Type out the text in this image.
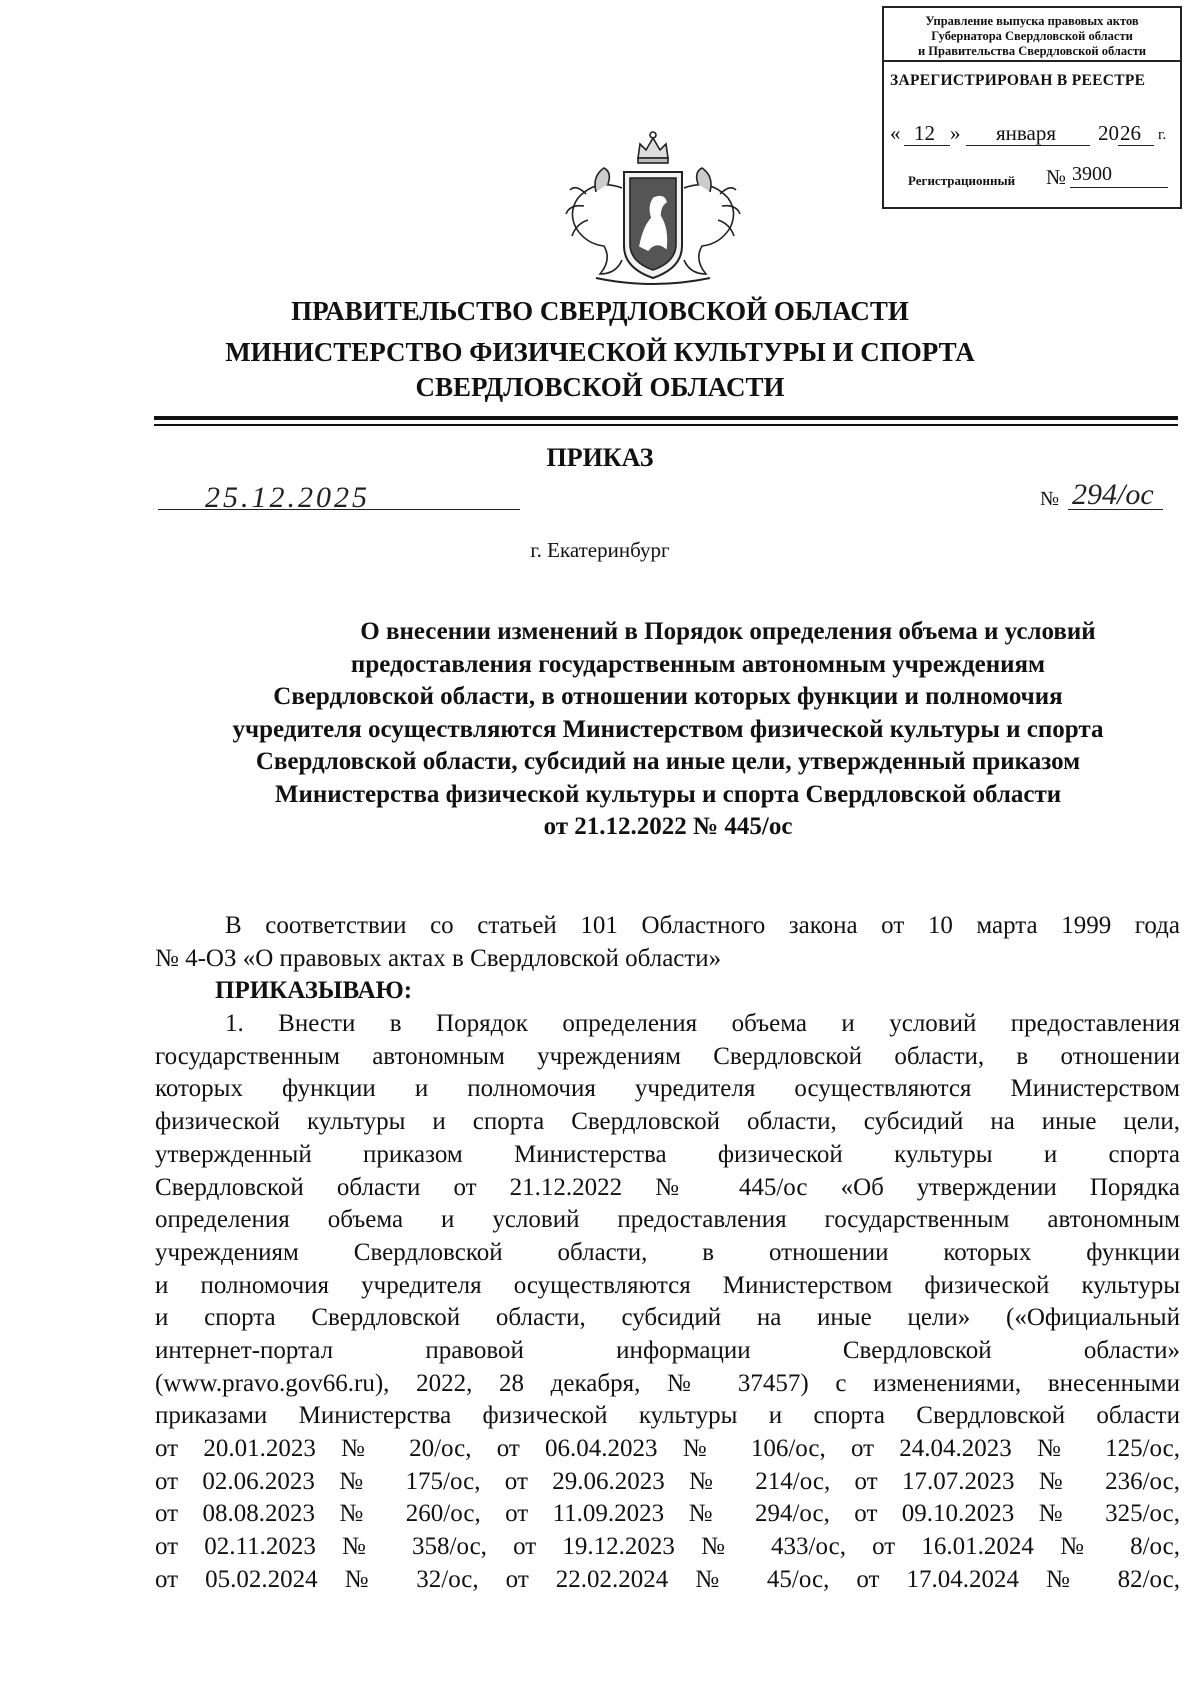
Управление выпуска правовых актов
Губернатора Свердловской области
и Правительства Свердловской области
ЗАРЕГИСТРИРОВАН В РЕЕСТРЕ
« 12 » января 20 26 г.
Регистрационный № 3900
ПРАВИТЕЛЬСТВО СВЕРДЛОВСКОЙ ОБЛАСТИ
МИНИСТЕРСТВО ФИЗИЧЕСКОЙ КУЛЬТУРЫ И СПОРТА
СВЕРДЛОВСКОЙ ОБЛАСТИ
ПРИКАЗ
25.12.2025	№ 294/ос
г. Екатеринбург
О внесении изменений в Порядок определения объема и условий
предоставления государственным автономным учреждениям
Свердловской области, в отношении которых функции и полномочия
учредителя осуществляются Министерством физической культуры и спорта
Свердловской области, субсидий на иные цели, утвержденный приказом
Министерства физической культуры и спорта Свердловской области
от 21.12.2022 № 445/ос
В соответствии со статьей 101 Областного закона от 10 марта 1999 года
№ 4-ОЗ «О правовых актах в Свердловской области»
ПРИКАЗЫВАЮ:
1. Внести в Порядок определения объема и условий предоставления
государственным автономным учреждениям Свердловской области, в отношении
которых функции и полномочия учредителя осуществляются Министерством
физической культуры и спорта Свердловской области, субсидий на иные цели,
утвержденный приказом Министерства физической культуры и спорта
Свердловской области от 21.12.2022 № 445/ос «Об утверждении Порядка
определения объема и условий предоставления государственным автономным
учреждениям Свердловской области, в отношении которых функции
и полномочия учредителя осуществляются Министерством физической культуры
и спорта Свердловской области, субсидий на иные цели» («Официальный
интернет-портал правовой информации Свердловской области»
(www.pravo.gov66.ru), 2022, 28 декабря, № 37457) с изменениями, внесенными
приказами Министерства физической культуры и спорта Свердловской области
от 20.01.2023 № 20/ос, от 06.04.2023 № 106/ос, от 24.04.2023 № 125/ос,
от 02.06.2023 № 175/ос, от 29.06.2023 № 214/ос, от 17.07.2023 № 236/ос,
от 08.08.2023 № 260/ос, от 11.09.2023 № 294/ос, от 09.10.2023 № 325/ос,
от 02.11.2023 № 358/ос, от 19.12.2023 № 433/ос, от 16.01.2024 № 8/ос,
от 05.02.2024 № 32/ос, от 22.02.2024 № 45/ос, от 17.04.2024 № 82/ос,
